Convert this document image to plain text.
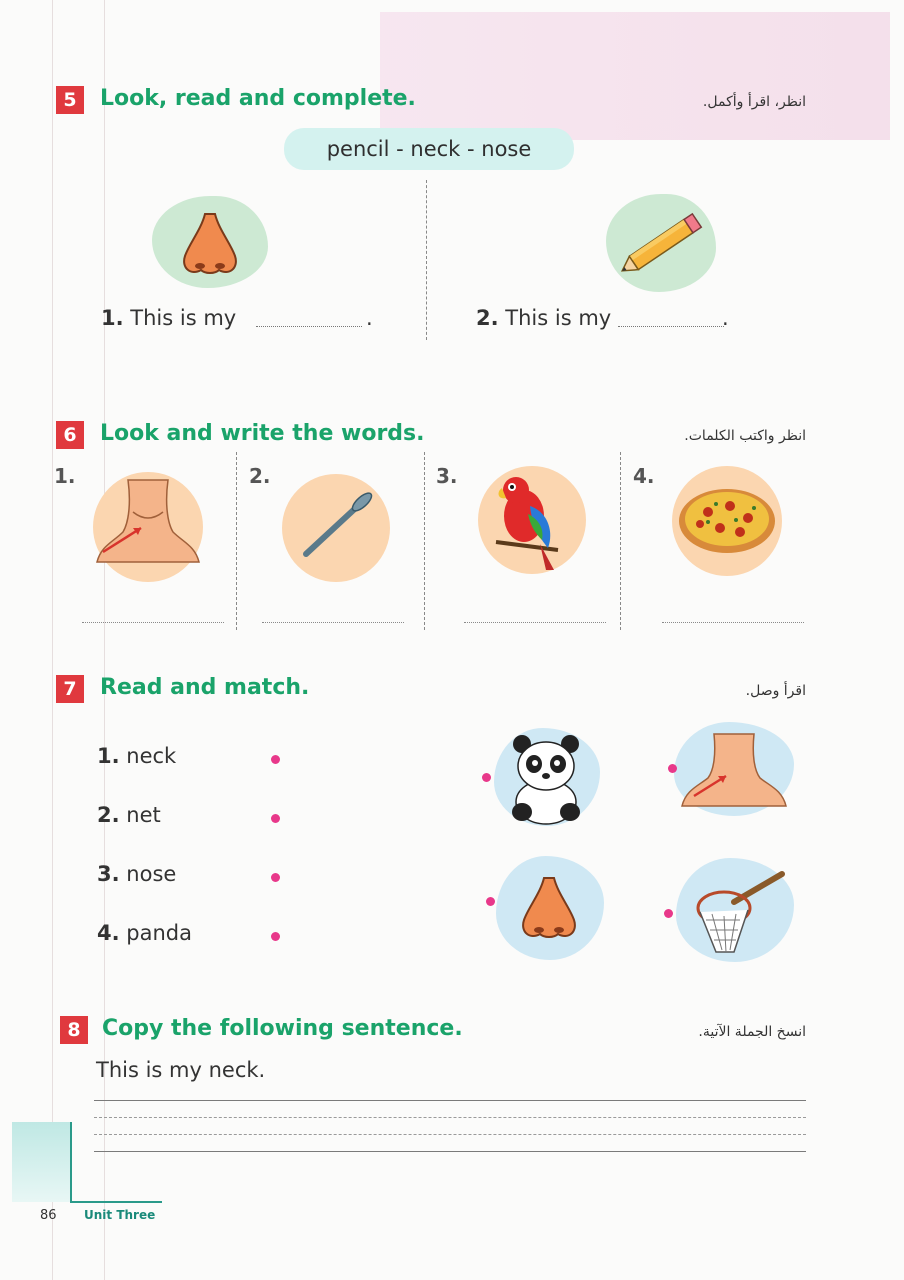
5	Look, read and complete.	انظر، اقرأ وأكمل.
pencil - neck - nose
1. This is my	.	2. This is my	.
6	Look and write the words.	انظر واكتب الكلمات.
1.	2.	3.	4.
7	Read and match.	اقرأ وصل.
1. neck
2. net
3. nose
4. panda
8 Copy the following sentence.	انسخ الجملة الآتية.
This is my neck.
86 Unit Three
